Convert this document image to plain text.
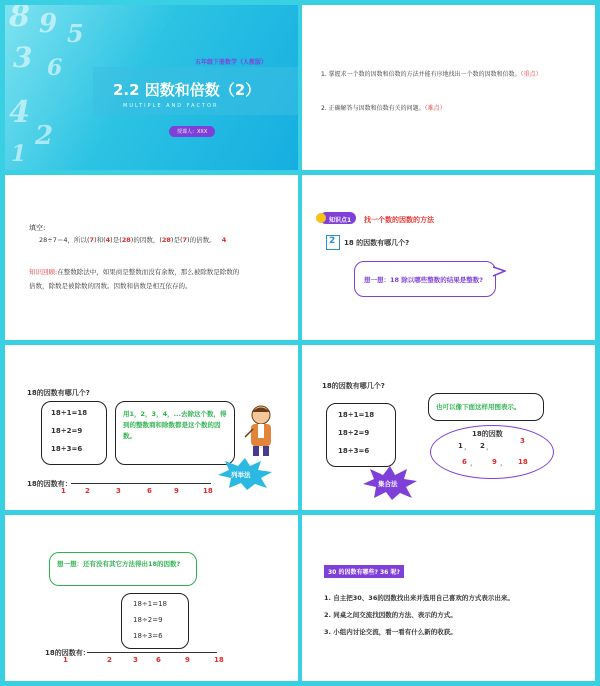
8 9 5
3 6
4
2
1
五年级下册数学（人教版）
2.2 因数和倍数（2）
MULTIPLE AND FACTOR
授课人：XXX
1. 掌握求一个数的因数和倍数的方法并能有序地找出一个数的因数和倍数。（重点）
2. 正确解答与因数和倍数有关的问题。（难点）
填空:
28÷7＝4，所以(7)和(4)是(28)的因数，(28)是(7)的倍数。 4
知识回顾:在整数除法中，如果商是整数而没有余数，那么被除数是除数的
倍数，除数是被除数的因数。因数和倍数是相互依存的。
知识点1 找一个数的因数的方法
2 18 的因数有哪几个?
想一想：18 除以哪些整数的结果是整数?
18的因数有哪几个?
18÷1=18
18÷2=9
18÷3=6
用1，2，3，4，...去除这个数，得到的整数商和除数都是这个数的因数。
列举法
18的因数有：
1	2	3	6	9	18
18的因数有哪几个?
18÷1=18
18÷2=9
18÷3=6
也可以像下面这样用图表示。
18的因数
1 ， 2 ，
3
6 ， 9 ， 18
集合法
想一想：还有没有其它方法得出18的因数?
18÷1=18
18÷2=9
18÷3=6
18的因数有：
1	2	3	6	9	18
30 的因数有哪些? 36 呢?
1. 自主把30、36的因数找出来并选用自己喜欢的方式表示出来。
2. 同桌之间交流找因数的方法、表示的方式。
3. 小组内讨论交流，看一看有什么新的收获。
